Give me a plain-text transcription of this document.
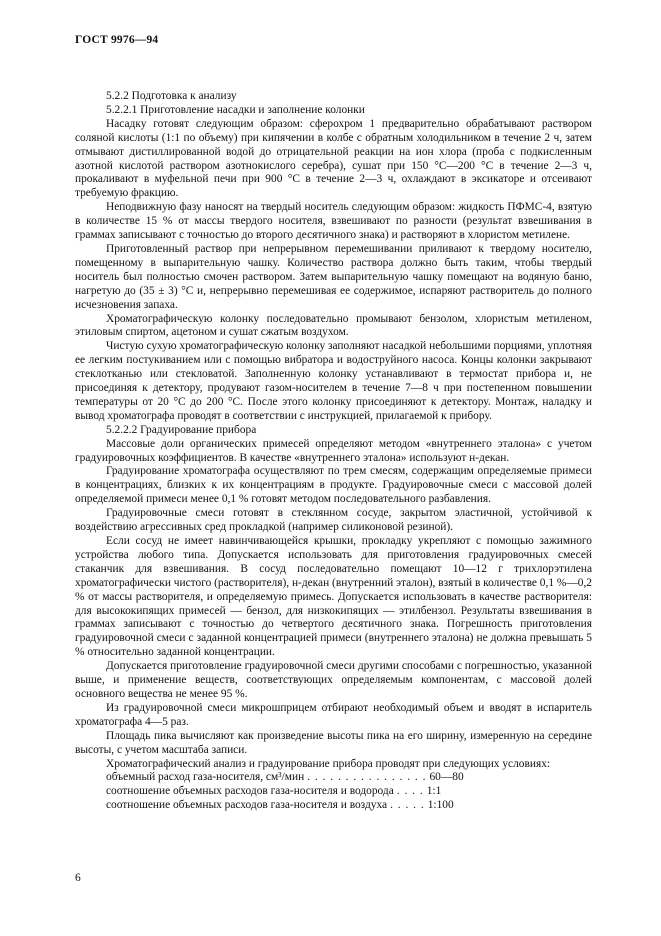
ГОСТ 9976—94

5.2.2 Подготовка к анализу

5.2.2.1 Приготовление насадки и заполнение колонки

Насадку готовят следующим образом: сферохром 1 предварительно обрабатывают раствором соляной кислоты (1:1 по объему) при кипячении в колбе с обратным холодильником в течение 2 ч, затем отмывают дистиллированной водой до отрицательной реакции на ион хлора (проба с подкисленным азотной кислотой раствором азотнокислого серебра), сушат при 150 °С—200 °С в течение 2—3 ч, прокаливают в муфельной печи при 900 °С в течение 2—3 ч, охлаждают в эксикаторе и отсеивают требуемую фракцию.

Неподвижную фазу наносят на твердый носитель следующим образом: жидкость ПФМС-4, взятую в количестве 15 % от массы твердого носителя, взвешивают по разности (результат взвешивания в граммах записывают с точностью до второго десятичного знака) и растворяют в хлористом метилене.

Приготовленный раствор при непрерывном перемешивании приливают к твердому носителю, помещенному в выпарительную чашку. Количество раствора должно быть таким, чтобы твердый носитель был полностью смочен раствором. Затем выпарительную чашку помещают на водяную баню, нагретую до (35 ± 3) °С и, непрерывно перемешивая ее содержимое, испаряют растворитель до полного исчезновения запаха.

Хроматографическую колонку последовательно промывают бензолом, хлористым метиленом, этиловым спиртом, ацетоном и сушат сжатым воздухом.

Чистую сухую хроматографическую колонку заполняют насадкой небольшими порциями, уплотняя ее легким постукиванием или с помощью вибратора и водоструйного насоса. Концы колонки закрывают стеклотканью или стекловатой. Заполненную колонку устанавливают в термостат прибора и, не присоединяя к детектору, продувают газом-носителем в течение 7—8 ч при постепенном повышении температуры от 20 °С до 200 °С. После этого колонку присоединяют к детектору. Монтаж, наладку и вывод хроматографа проводят в соответствии с инструкцией, прилагаемой к прибору.

5.2.2.2 Градуирование прибора

Массовые доли органических примесей определяют методом «внутреннего эталона» с учетом градуировочных коэффициентов. В качестве «внутреннего эталона» используют н-декан.

Градуирование хроматографа осуществляют по трем смесям, содержащим определяемые примеси в концентрациях, близких к их концентрациям в продукте. Градуировочные смеси с массовой долей определяемой примеси менее 0,1 % готовят методом последовательного разбавления.

Градуировочные смеси готовят в стеклянном сосуде, закрытом эластичной, устойчивой к воздействию агрессивных сред прокладкой (например силиконовой резиной).

Если сосуд не имеет навинчивающейся крышки, прокладку укрепляют с помощью зажимного устройства любого типа. Допускается использовать для приготовления градуировочных смесей стаканчик для взвешивания. В сосуд последовательно помещают 10—12 г трихлорэтилена хроматографически чистого (растворителя), н-декан (внутренний эталон), взятый в количестве 0,1 %—0,2 % от массы растворителя, и определяемую примесь. Допускается использовать в качестве растворителя: для высококипящих примесей — бензол, для низкокипящих — этилбензол. Результаты взвешивания в граммах записывают с точностью до четвертого десятичного знака. Погрешность приготовления градуировочной смеси с заданной концентрацией примеси (внутреннего эталона) не должна превышать 5 % относительно заданной концентрации.

Допускается приготовление градуировочной смеси другими способами с погрешностью, указанной выше, и применение веществ, соответствующих определяемым компонентам, с массовой долей основного вещества не менее 95 %.

Из градуировочной смеси микрошприцем отбирают необходимый объем и вводят в испаритель хроматографа 4—5 раз.

Площадь пика вычисляют как произведение высоты пика на его ширину, измеренную на середине высоты, с учетом масштаба записи.

Хроматографический анализ и градуирование прибора проводят при следующих условиях:

объемный расход газа-носителя, см³/мин . . . . . . . . . . . . . . . . 60—80
соотношение объемных расходов газа-носителя и водорода . . . . 1:1
соотношение объемных расходов газа-носителя и воздуха . . . . . 1:100
6
